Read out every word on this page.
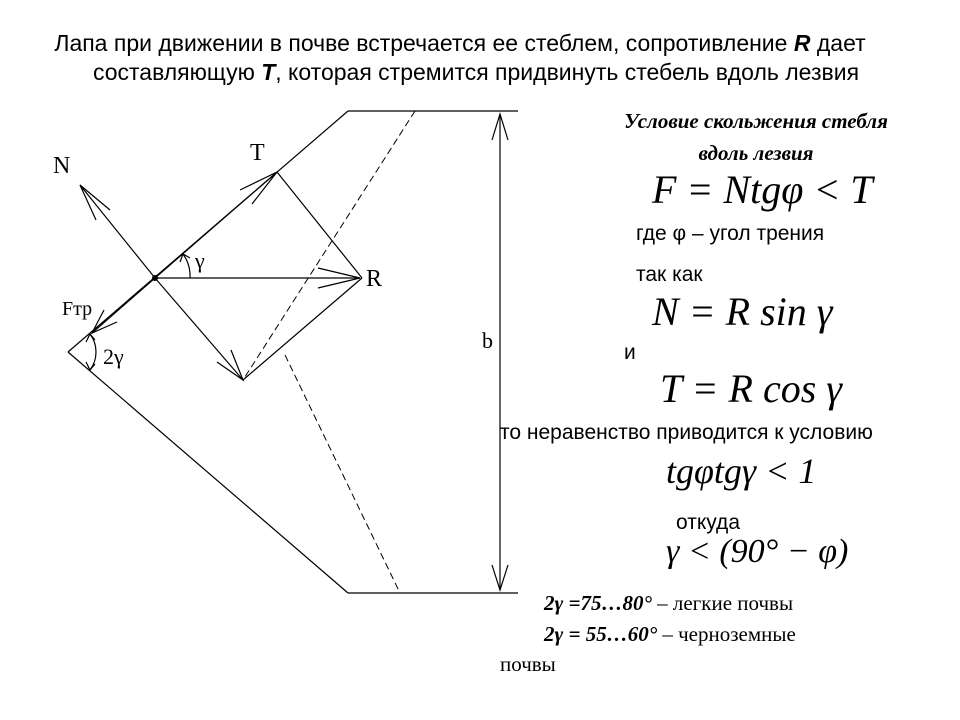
Лапа при движении в почве встречается ее стеблем, сопротивление R дает
составляющую T, которая стремится придвинуть стебель вдоль лезвия
N	T
R
Fтр
γ
2γ
b
Условие скольжения стебля
вдоль лезвия
F = Ntgφ < T
где φ – угол трения
так как
N = R sin γ
и
T = R cos γ
то неравенство приводится к условию
tgφtgγ < 1
откуда
γ < (90° − φ)
2γ =75…80° – легкие почвы
2γ = 55…60° – черноземные
почвы
